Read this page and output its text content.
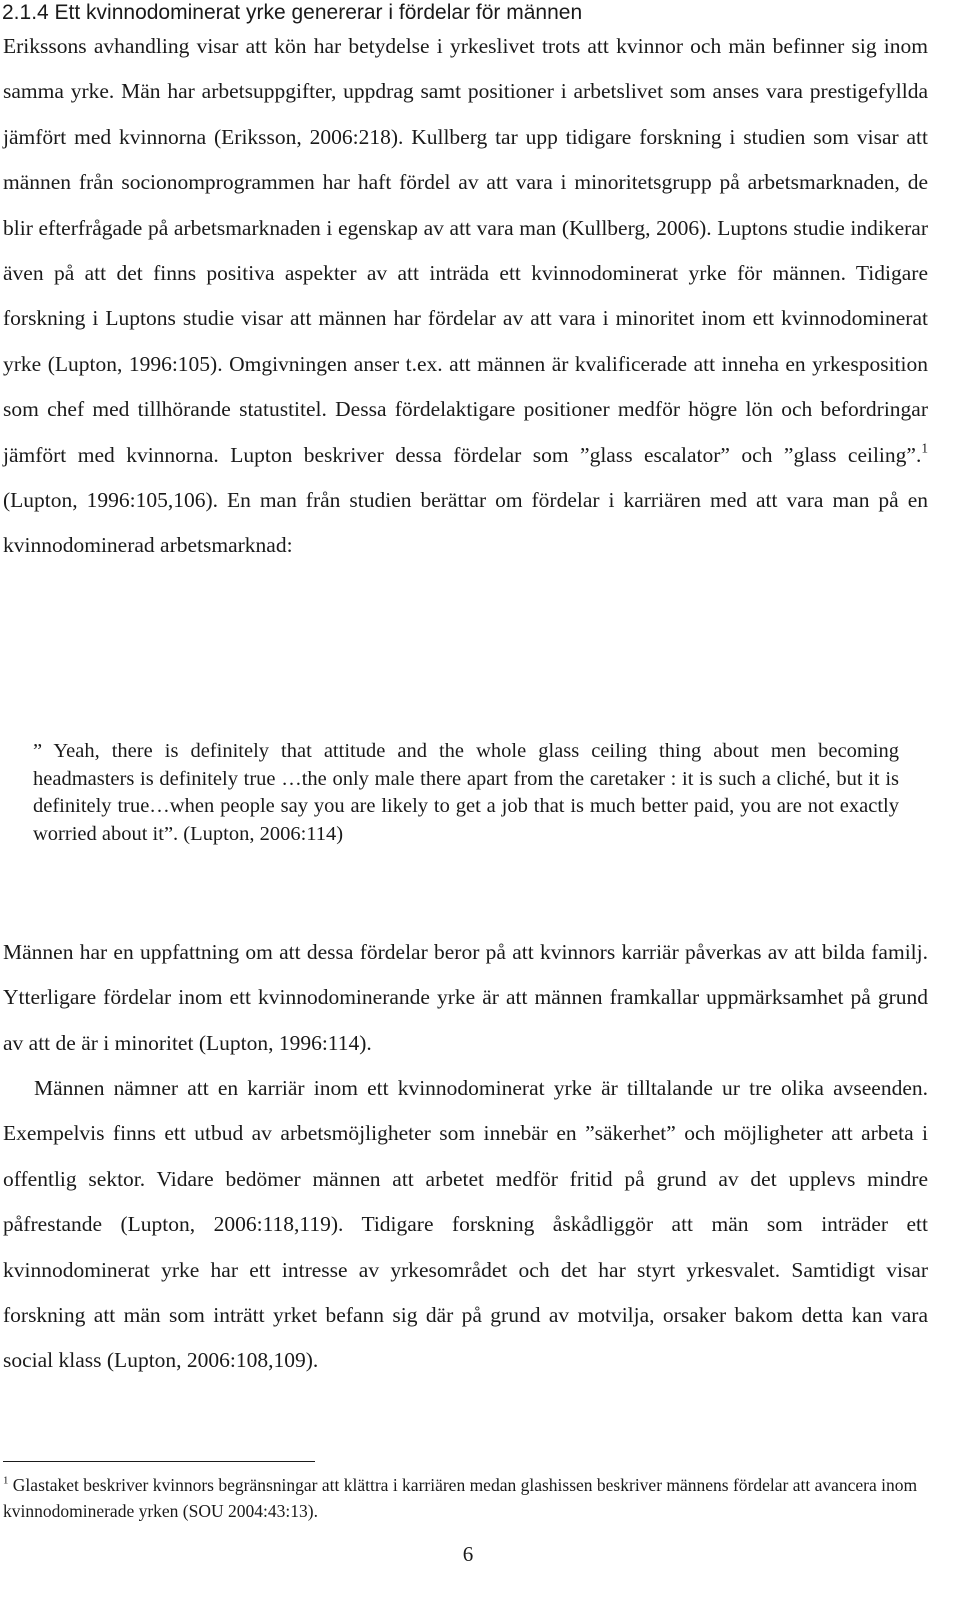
2.1.4 Ett kvinnodominerat yrke genererar i fördelar för männen

Erikssons avhandling visar att kön har betydelse i yrkeslivet trots att kvinnor och män befinner sig inom samma yrke. Män har arbetsuppgifter, uppdrag samt positioner i arbetslivet som anses vara prestigefyllda jämfört med kvinnorna (Eriksson, 2006:218). Kullberg tar upp tidigare forskning i studien som visar att männen från socionomprogrammen har haft fördel av att vara i minoritetsgrupp på arbetsmarknaden, de blir efterfrågade på arbetsmarknaden i egenskap av att vara man (Kullberg, 2006). Luptons studie indikerar även på att det finns positiva aspekter av att inträda ett kvinnodominerat yrke för männen. Tidigare forskning i Luptons studie visar att männen har fördelar av att vara i minoritet inom ett kvinnodominerat yrke (Lupton, 1996:105). Omgivningen anser t.ex. att männen är kvalificerade att inneha en yrkesposition som chef med tillhörande statustitel. Dessa fördelaktigare positioner medför högre lön och befordringar jämfört med kvinnorna. Lupton beskriver dessa fördelar som ”glass escalator” och ”glass ceiling”.$^1$ (Lupton, 1996:105,106). En man från studien berättar om fördelar i karriären med att vara man på en kvinnodominerad arbetsmarknad:

” Yeah, there is definitely that attitude and the whole glass ceiling thing about men becoming headmasters is definitely true …the only male there apart from the caretaker : it is such a cliché, but it is definitely true…when people say you are likely to get a job that is much better paid, you are not exactly worried about it”. (Lupton, 2006:114)

Männen har en uppfattning om att dessa fördelar beror på att kvinnors karriär påverkas av att bilda familj. Ytterligare fördelar inom ett kvinnodominerande yrke är att männen framkallar uppmärksamhet på grund av att de är i minoritet (Lupton, 1996:114).

Männen nämner att en karriär inom ett kvinnodominerat yrke är tilltalande ur tre olika avseenden. Exempelvis finns ett utbud av arbetsmöjligheter som innebär en ”säkerhet” och möjligheter att arbeta i offentlig sektor. Vidare bedömer männen att arbetet medför fritid på grund av det upplevs mindre påfrestande (Lupton, 2006:118,119). Tidigare forskning åskådliggör att män som inträder ett kvinnodominerat yrke har ett intresse av yrkesområdet och det har styrt yrkesvalet. Samtidigt visar forskning att män som inträtt yrket befann sig där på grund av motvilja, orsaker bakom detta kan vara social klass (Lupton, 2006:108,109).

$^1$ Glastaket beskriver kvinnors begränsningar att klättra i karriären medan glashissen beskriver männens fördelar att avancera inom kvinnodominerade yrken (SOU 2004:43:13).

6
